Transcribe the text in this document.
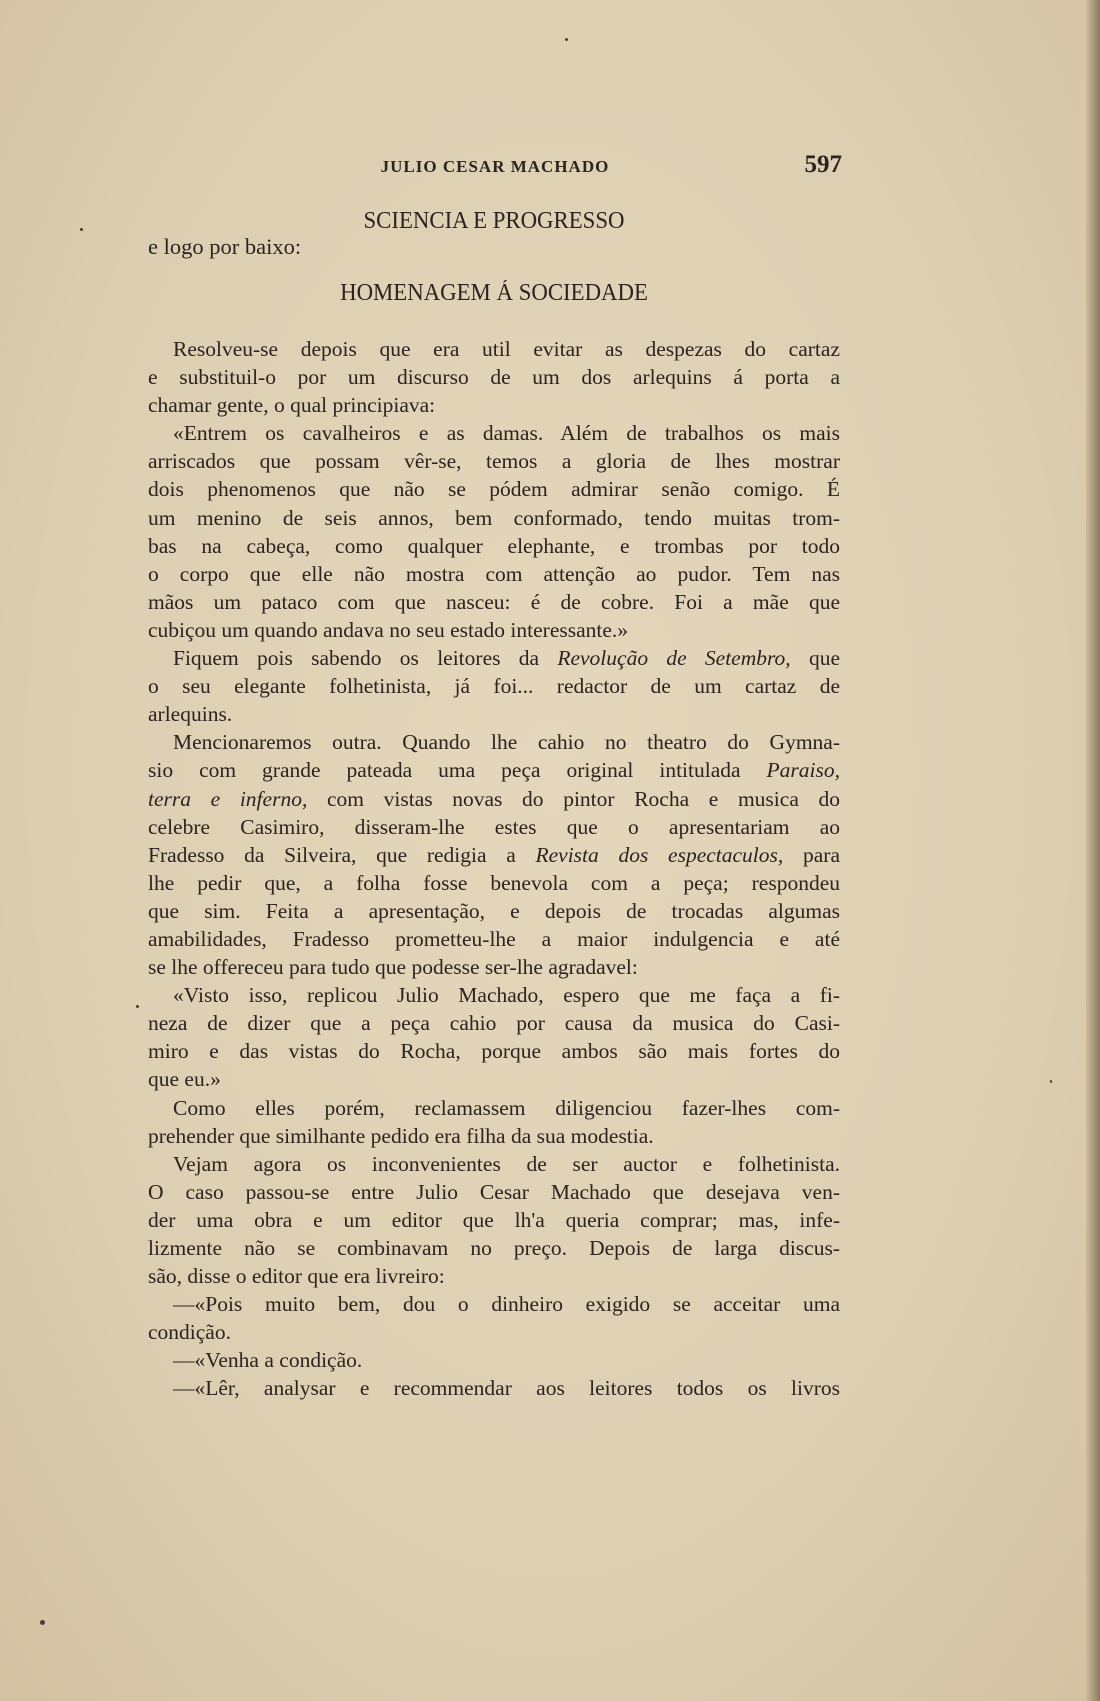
JULIO CESAR MACHADO	597
SCIENCIA E PROGRESSO
e logo por baixo:
HOMENAGEM Á SOCIEDADE
Resolveu-se depois que era util evitar as despezas do cartaz
e substituil-o por um discurso de um dos arlequins á porta a
chamar gente, o qual principiava:
«Entrem os cavalheiros e as damas. Além de trabalhos os mais
arriscados que possam vêr-se, temos a gloria de lhes mostrar
dois phenomenos que não se pódem admirar senão comigo. É
um menino de seis annos, bem conformado, tendo muitas trom-
bas na cabeça, como qualquer elephante, e trombas por todo
o corpo que elle não mostra com attenção ao pudor. Tem nas
mãos um pataco com que nasceu: é de cobre. Foi a mãe que
cubiçou um quando andava no seu estado interessante.»
Fiquem pois sabendo os leitores da Revolução de Setembro, que
o seu elegante folhetinista, já foi... redactor de um cartaz de
arlequins.
Mencionaremos outra. Quando lhe cahio no theatro do Gymna-
sio com grande pateada uma peça original intitulada Paraiso,
terra e inferno, com vistas novas do pintor Rocha e musica do
celebre Casimiro, disseram-lhe estes que o apresentariam ao
Fradesso da Silveira, que redigia a Revista dos espectaculos, para
lhe pedir que, a folha fosse benevola com a peça; respondeu
que sim. Feita a apresentação, e depois de trocadas algumas
amabilidades, Fradesso prometteu-lhe a maior indulgencia e até
se lhe offereceu para tudo que podesse ser-lhe agradavel:
«Visto isso, replicou Julio Machado, espero que me faça a fi-
neza de dizer que a peça cahio por causa da musica do Casi-
miro e das vistas do Rocha, porque ambos são mais fortes do
que eu.»
Como elles porém, reclamassem diligenciou fazer-lhes com-
prehender que similhante pedido era filha da sua modestia.
Vejam agora os inconvenientes de ser auctor e folhetinista.
O caso passou-se entre Julio Cesar Machado que desejava ven-
der uma obra e um editor que lh'a queria comprar; mas, infe-
lizmente não se combinavam no preço. Depois de larga discus-
são, disse o editor que era livreiro:
—«Pois muito bem, dou o dinheiro exigido se acceitar uma
condição.
—«Venha a condição.
—«Lêr, analysar e recommendar aos leitores todos os livros
